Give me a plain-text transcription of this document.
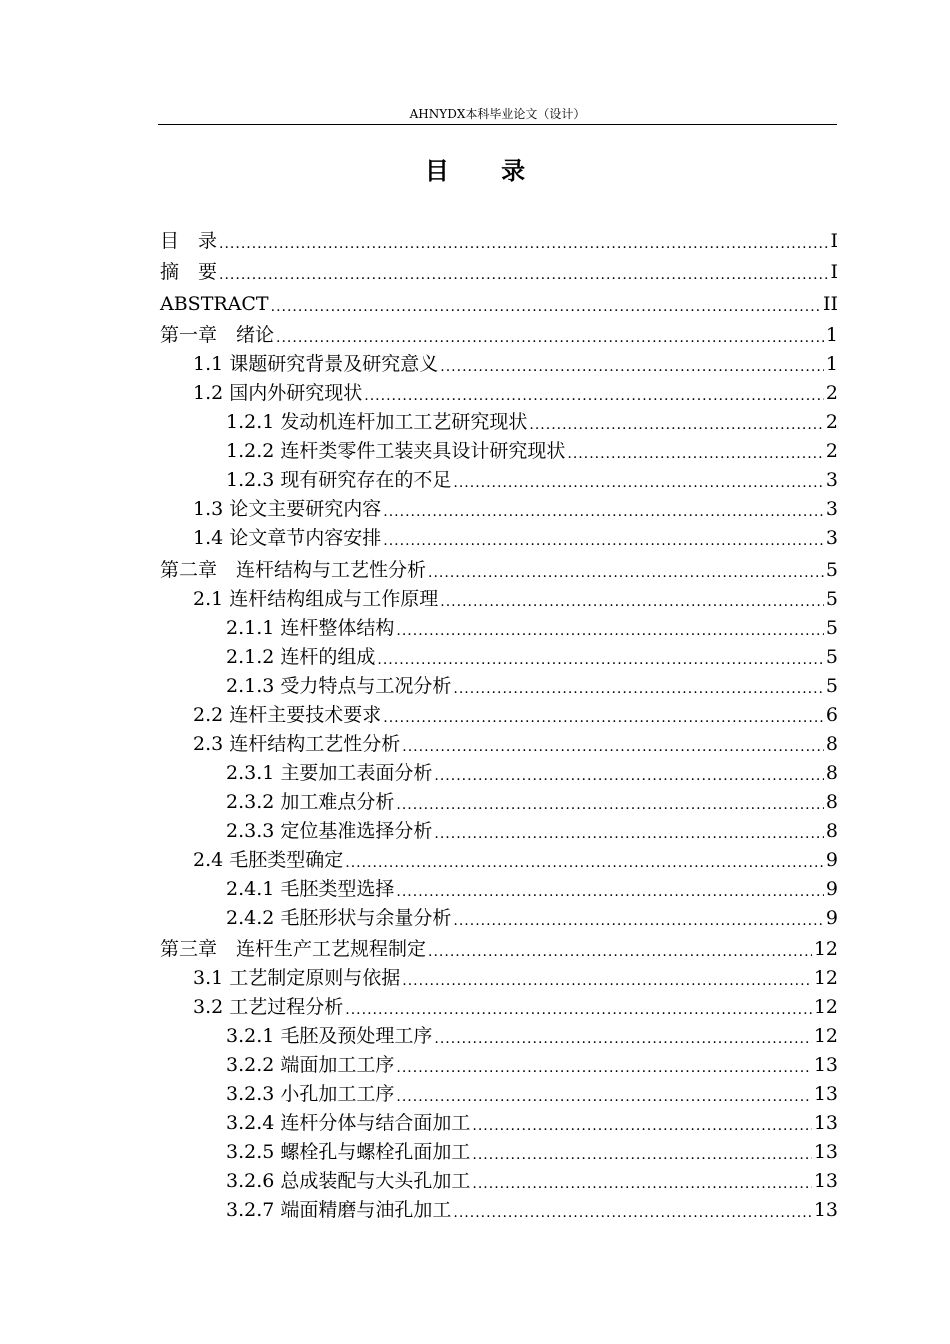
AHNYDX本科毕业论文（设计）
目 录
目　录 .....	I
摘　要 .....	I
ABSTRACT .....	II
第一章　绪论 .....	1
1.1 课题研究背景及研究意义 .....	1
1.2 国内外研究现状 .....	2
1.2.1 发动机连杆加工工艺研究现状 .....	2
1.2.2 连杆类零件工装夹具设计研究现状 .....	2
1.2.3 现有研究存在的不足 .....	3
1.3 论文主要研究内容 .....	3
1.4 论文章节内容安排 .....	3
第二章　连杆结构与工艺性分析 .....	5
2.1 连杆结构组成与工作原理 .....	5
2.1.1 连杆整体结构 .....	5
2.1.2 连杆的组成 .....	5
2.1.3 受力特点与工况分析 .....	5
2.2 连杆主要技术要求 .....	6
2.3 连杆结构工艺性分析 .....	8
2.3.1 主要加工表面分析 .....	8
2.3.2 加工难点分析 .....	8
2.3.3 定位基准选择分析 .....	8
2.4 毛胚类型确定 .....	9
2.4.1 毛胚类型选择 .....	9
2.4.2 毛胚形状与余量分析 .....	9
第三章　连杆生产工艺规程制定 .....	12
3.1 工艺制定原则与依据 .....	12
3.2 工艺过程分析 .....	12
3.2.1 毛胚及预处理工序 .....	12
3.2.2 端面加工工序 .....	13
3.2.3 小孔加工工序 .....	13
3.2.4 连杆分体与结合面加工 .....	13
3.2.5 螺栓孔与螺栓孔面加工 .....	13
3.2.6 总成装配与大头孔加工 .....	13
3.2.7 端面精磨与油孔加工 .....	13
